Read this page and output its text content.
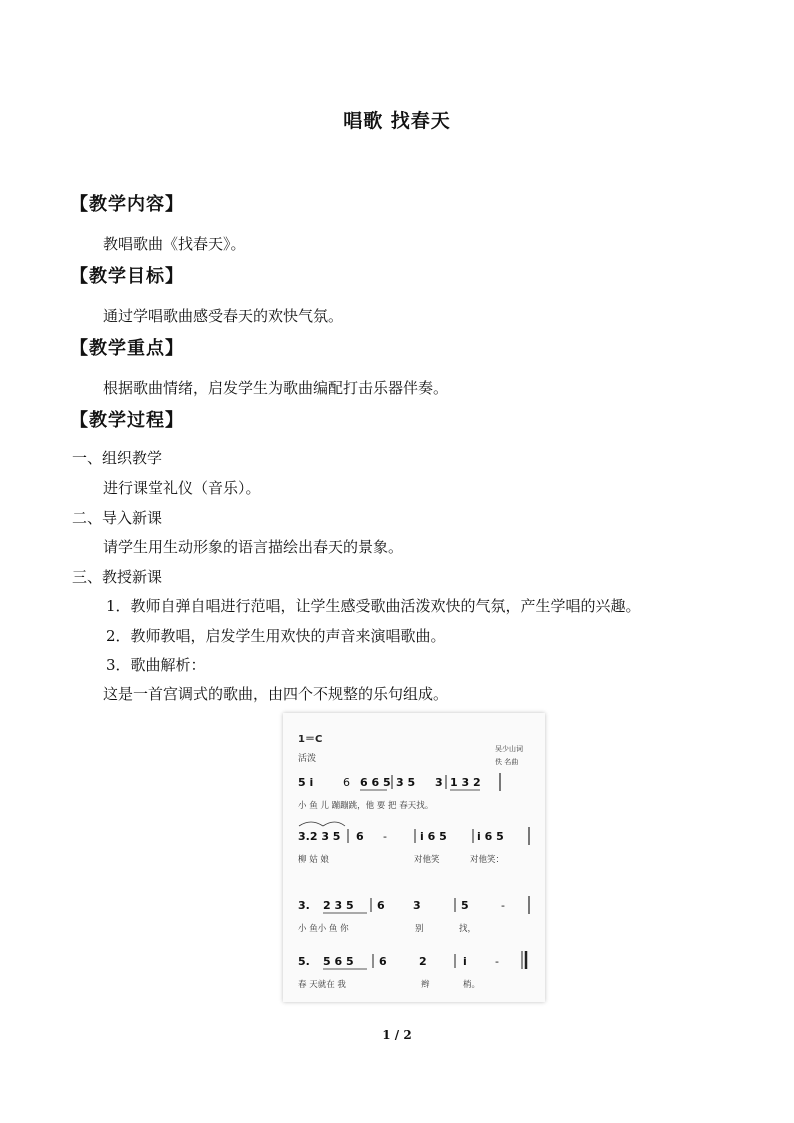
唱歌 找春天
【教学内容】
教唱歌曲《找春天》。
【教学目标】
通过学唱歌曲感受春天的欢快气氛。
【教学重点】
根据歌曲情绪，启发学生为歌曲编配打击乐器伴奏。
【教学过程】
一、组织教学
进行课堂礼仪（音乐）。
二、导入新课
请学生用生动形象的语言描绘出春天的景象。
三、教授新课
1．教师自弹自唱进行范唱，让学生感受歌曲活泼欢快的气氛，产生学唱的兴趣。
2．教师教唱，启发学生用欢快的声音来演唱歌曲。
3．歌曲解析：
这是一首宫调式的歌曲，由四个不规整的乐句组成。
1＝C
活泼
吴少山词
佚 名曲
5 i	6 6 6 5 3 5 3 1 3 2
小 鱼 儿 蹦蹦跳，他 要 把 春天找。
3.2 3 5 6 -	i 6 5	i 6 5
柳 姑 娘	对他笑	对他笑：
3. 2 3 5 6	3	5	-
小 鱼小 鱼 你	别	找，
5. 5 6 5 6	2	i	-
春 天就在 我	辫	梢。
1 / 2
